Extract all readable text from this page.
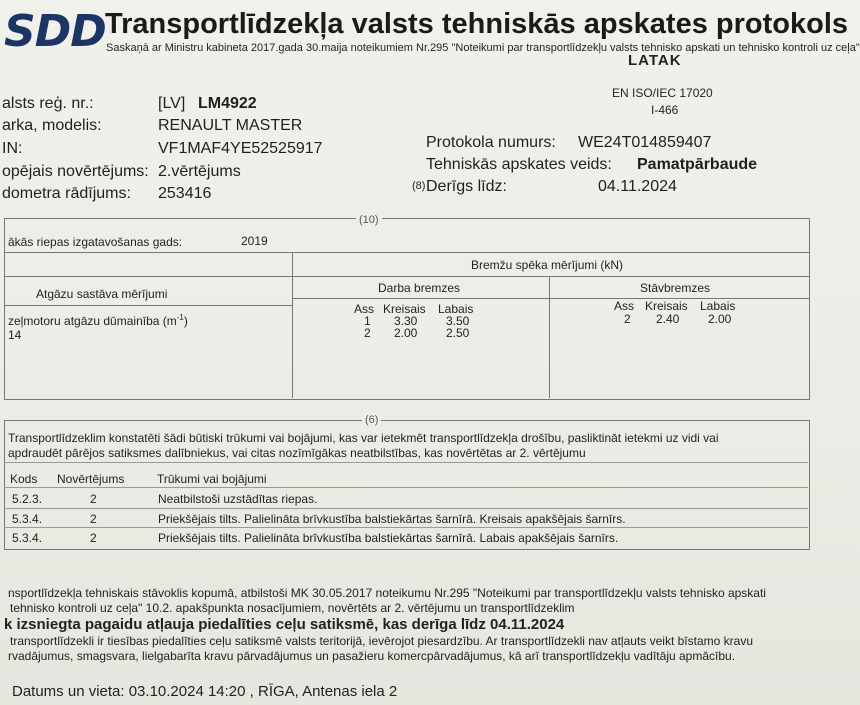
SDD Transportlīdzekļa valsts tehniskās apskates protokols
Saskaņā ar Ministru kabineta 2017.gada 30.maija noteikumiem Nr.295 "Noteikumi par transportlīdzekļu valsts tehnisko apskati un tehnisko kontroli uz ceļa"
LATAK
EN ISO/IEC 17020
I-466
alsts reģ. nr.:	[LV] LM4922
arka, modelis:	RENAULT MASTER
IN:	VF1MAF4YE52525917
opējais novērtējums: 2.vērtējums
dometra rādījums: 253416
Protokola numurs: WE24T014859407
Tehniskās apskates veids: Pamatpārbaude
(8) Derīgs līdz:	04.11.2024
(10)
ākās riepas izgatavošanas gads:	2019
Bremžu spēka mērījumi (kN)
Atgāzu sastāva mērījumi
zeļmotoru atgāzu dūmainība $(m^{-1})$
14
Darba bremzes
Ass Kreisais Labais
1 3.30 3.50
2 2.00 2.50
Stāvbremzes
Ass Kreisais Labais
2 2.40 2.00
(6)
Transportlīdzeklim konstatēti šādi būtiski trūkumi vai bojājumi, kas var ietekmēt transportlīdzekļa drošību, pasliktināt ietekmi uz vidi vai
apdraudēt pārējos satiksmes dalībniekus, vai citas nozīmīgākas neatbilstības, kas novērtētas ar 2. vērtējumu
Kods Novērtējums	Trūkumi vai bojājumi
5.2.3.	2	Neatbilstoši uzstādītas riepas.
5.3.4.	2	Priekšējais tilts. Palielināta brīvkustība balstiekārtas šarnīrā. Kreisais apakšējais šarnīrs.
5.3.4.	2	Priekšējais tilts. Palielināta brīvkustība balstiekārtas šarnīrā. Labais apakšējais šarnīrs.
nsportlīdzekļa tehniskais stāvoklis kopumā, atbilstoši MK 30.05.2017 noteikumu Nr.295 "Noteikumi par transportlīdzekļu valsts tehnisko apskati
tehnisko kontroli uz ceļa" 10.2. apakšpunkta nosacījumiem, novērtēts ar 2. vērtējumu un transportlīdzeklim
k izsniegta pagaidu atļauja piedalīties ceļu satiksmē, kas derīga līdz 04.11.2024
transportlīdzekli ir tiesības piedalīties ceļu satiksmē valsts teritorijā, ievērojot piesardzību. Ar transportlīdzekli nav atļauts veikt bīstamo kravu
rvadājumus, smagsvara, lielgabarīta kravu pārvadājumus un pasažieru komercpārvadājumus, kā arī transportlīdzekļu vadītāju apmācību.
Datums un vieta: 03.10.2024 14:20 , RĪGA, Antenas iela 2
